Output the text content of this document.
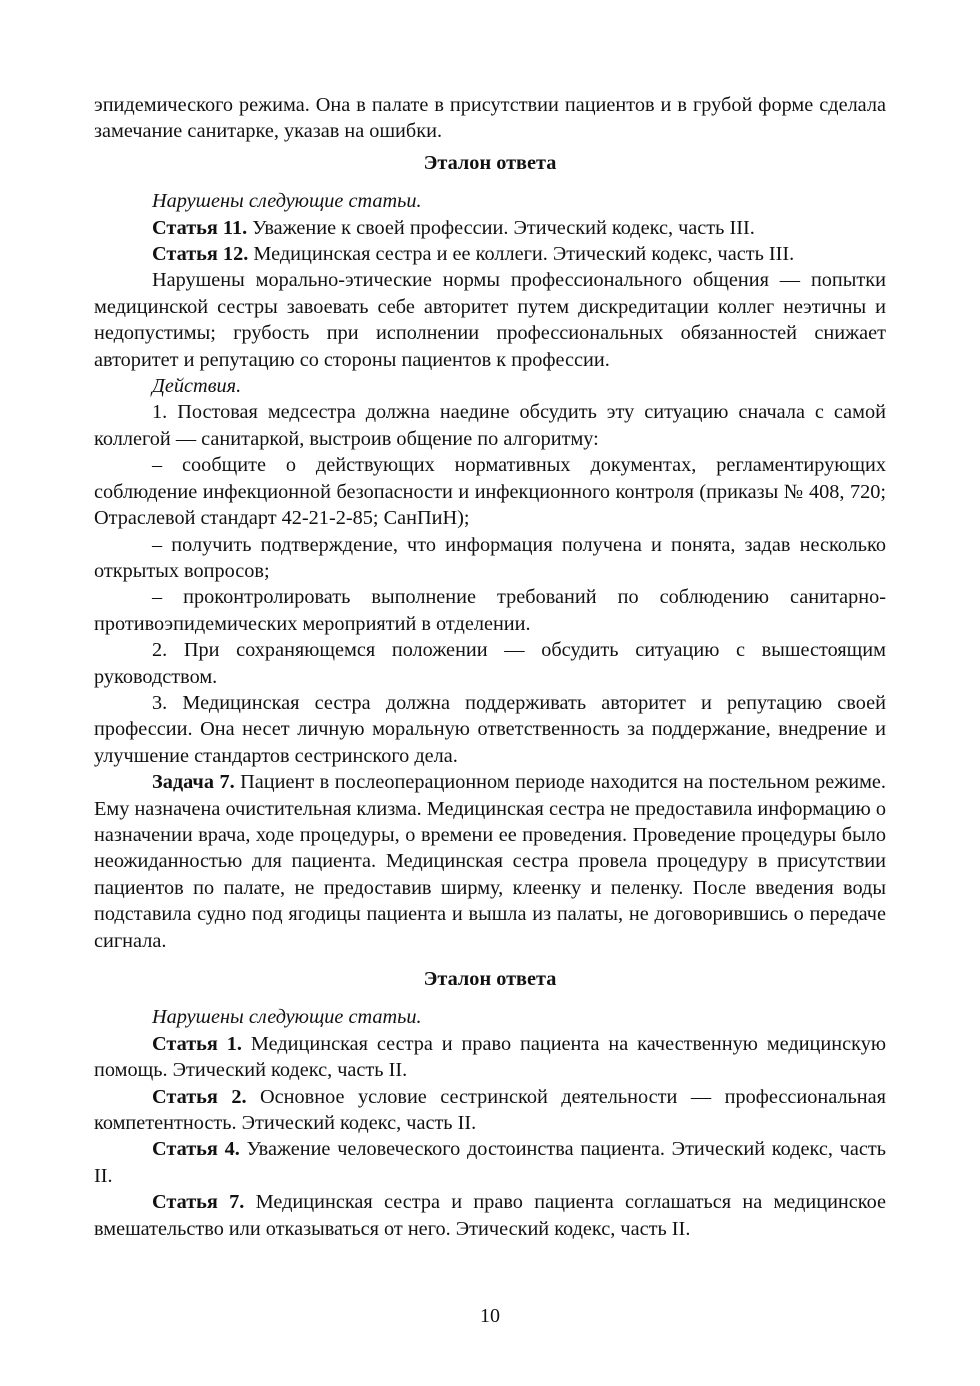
эпидемического режима. Она в палате в присутствии пациентов и в грубой форме сделала замечание санитарке, указав на ошибки.

Эталон ответа

Нарушены следующие статьи.

Статья 11. Уважение к своей профессии. Этический кодекс, часть III.

Статья 12. Медицинская сестра и ее коллеги. Этический кодекс, часть III.

Нарушены морально-этические нормы профессионального общения — попытки медицинской сестры завоевать себе авторитет путем дискредитации коллег неэтичны и недопустимы; грубость при исполнении профессиональных обязанностей снижает авторитет и репутацию со стороны пациентов к профессии.

Действия.

1. Постовая медсестра должна наедине обсудить эту ситуацию сначала с самой коллегой — санитаркой, выстроив общение по алгоритму:

– сообщите о действующих нормативных документах, регламентирующих соблюдение инфекционной безопасности и инфекционного контроля (приказы № 408, 720; Отраслевой стандарт 42-21-2-85; СанПиН);

– получить подтверждение, что информация получена и понята, задав несколько открытых вопросов;

– проконтролировать выполнение требований по соблюдению санитарно-противоэпидемических мероприятий в отделении.

2. При сохраняющемся положении — обсудить ситуацию с вышестоящим руководством.

3. Медицинская сестра должна поддерживать авторитет и репутацию своей профессии. Она несет личную моральную ответственность за поддержание, внедрение и улучшение стандартов сестринского дела.

Задача 7. Пациент в послеоперационном периоде находится на постельном режиме. Ему назначена очистительная клизма. Медицинская сестра не предоставила информацию о назначении врача, ходе процедуры, о времени ее проведения. Проведение процедуры было неожиданностью для пациента. Медицинская сестра провела процедуру в присутствии пациентов по палате, не предоставив ширму, клеенку и пеленку. После введения воды подставила судно под ягодицы пациента и вышла из палаты, не договорившись о передаче сигнала.

Эталон ответа

Нарушены следующие статьи.

Статья 1. Медицинская сестра и право пациента на качественную медицинскую помощь. Этический кодекс, часть II.

Статья 2. Основное условие сестринской деятельности — профессиональная компетентность. Этический кодекс, часть II.

Статья 4. Уважение человеческого достоинства пациента. Этический кодекс, часть II.

Статья 7. Медицинская сестра и право пациента соглашаться на медицинское вмешательство или отказываться от него. Этический кодекс, часть II.

10
